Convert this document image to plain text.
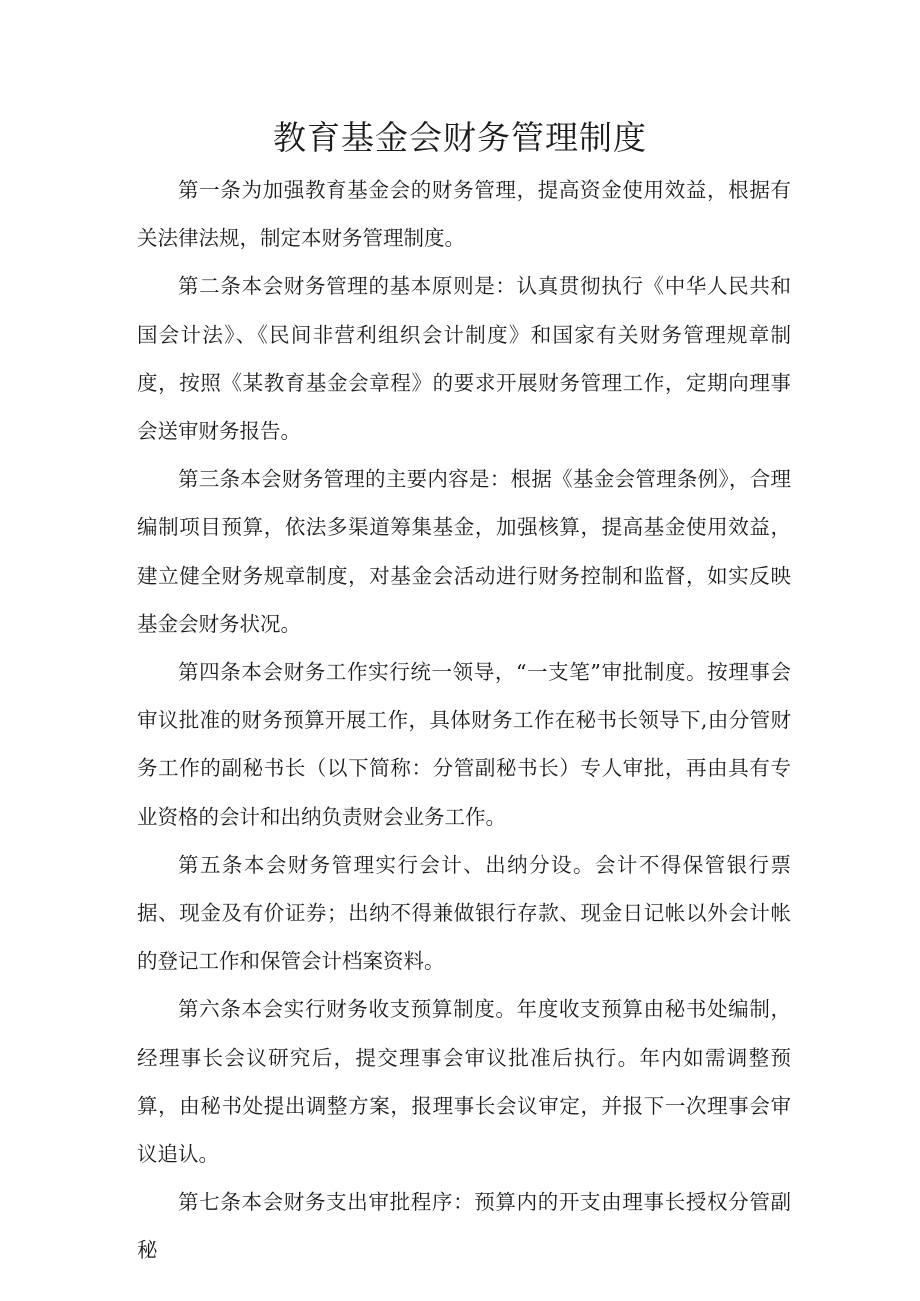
教育基金会财务管理制度

第一条为加强教育基金会的财务管理，提高资金使用效益，根据有关法律法规，制定本财务管理制度。

第二条本会财务管理的基本原则是：认真贯彻执行《中华人民共和国会计法》、《民间非营利组织会计制度》和国家有关财务管理规章制度，按照《某教育基金会章程》的要求开展财务管理工作，定期向理事会送审财务报告。

第三条本会财务管理的主要内容是：根据《基金会管理条例》，合理编制项目预算，依法多渠道筹集基金，加强核算，提高基金使用效益，建立健全财务规章制度，对基金会活动进行财务控制和监督，如实反映基金会财务状况。

第四条本会财务工作实行统一领导，“一支笔”审批制度。按理事会审议批准的财务预算开展工作，具体财务工作在秘书长领导下,由分管财务工作的副秘书长（以下简称：分管副秘书长）专人审批，再由具有专业资格的会计和出纳负责财会业务工作。

第五条本会财务管理实行会计、出纳分设。会计不得保管银行票据、现金及有价证券；出纳不得兼做银行存款、现金日记帐以外会计帐的登记工作和保管会计档案资料。

第六条本会实行财务收支预算制度。年度收支预算由秘书处编制，经理事长会议研究后，提交理事会审议批准后执行。年内如需调整预算，由秘书处提出调整方案，报理事长会议审定，并报下一次理事会审议追认。

第七条本会财务支出审批程序：预算内的开支由理事长授权分管副秘
